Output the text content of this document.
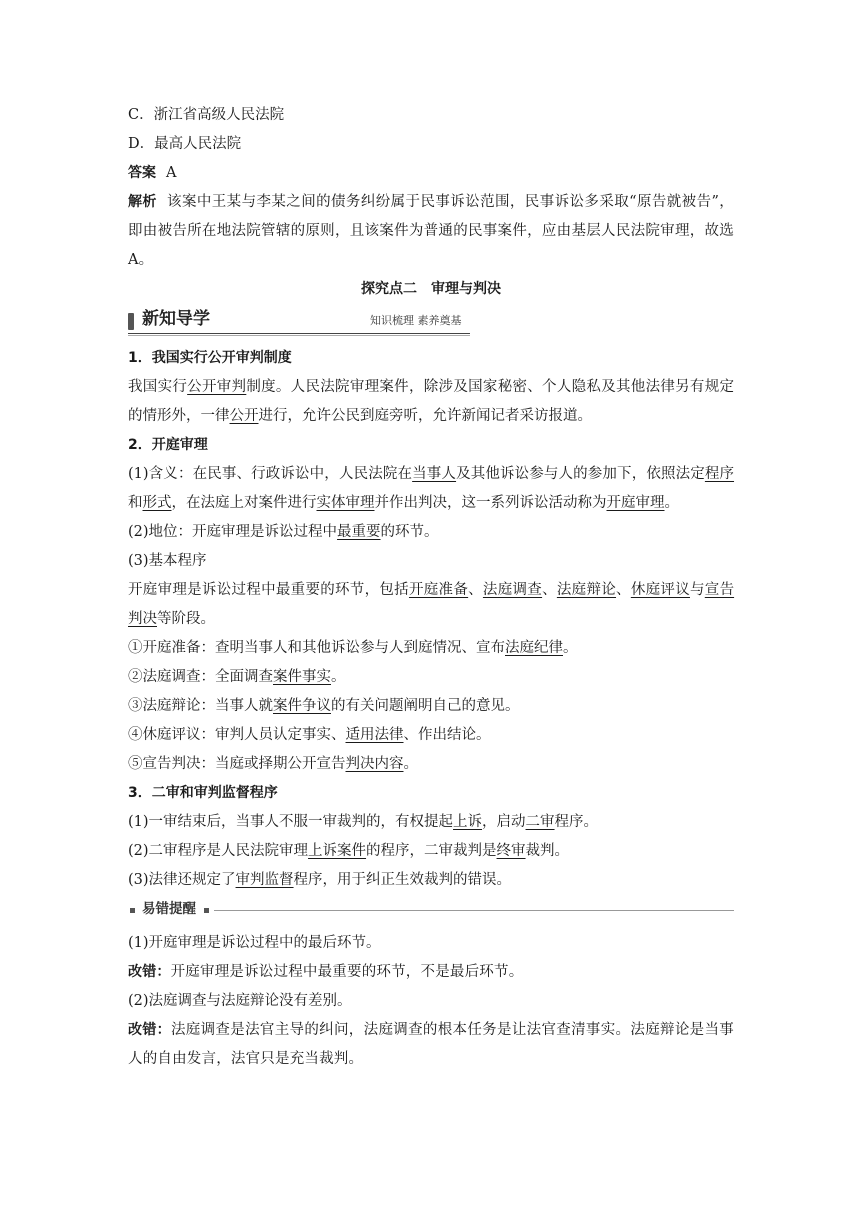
C．浙江省高级人民法院

D．最高人民法院

答案 A

解析 该案中王某与李某之间的债务纠纷属于民事诉讼范围，民事诉讼多采取“原告就被告”，即由被告所在地法院管辖的原则，且该案件为普通的民事案件，应由基层人民法院审理，故选A。

探究点二　审理与判决

新知导学	知识梳理 素养奠基

1．我国实行公开审判制度

我国实行公开审判制度。人民法院审理案件，除涉及国家秘密、个人隐私及其他法律另有规定的情形外，一律公开进行，允许公民到庭旁听，允许新闻记者采访报道。

2．开庭审理

(1)含义：在民事、行政诉讼中，人民法院在当事人及其他诉讼参与人的参加下，依照法定程序和形式，在法庭上对案件进行实体审理并作出判决，这一系列诉讼活动称为开庭审理。

(2)地位：开庭审理是诉讼过程中最重要的环节。

(3)基本程序

开庭审理是诉讼过程中最重要的环节，包括开庭准备、法庭调查、法庭辩论、休庭评议与宣告判决等阶段。

①开庭准备：查明当事人和其他诉讼参与人到庭情况、宣布法庭纪律。

②法庭调查：全面调查案件事实。

③法庭辩论：当事人就案件争议的有关问题阐明自己的意见。

④休庭评议：审判人员认定事实、适用法律、作出结论。

⑤宣告判决：当庭或择期公开宣告判决内容。

3．二审和审判监督程序

(1)一审结束后，当事人不服一审裁判的，有权提起上诉，启动二审程序。

(2)二审程序是人民法院审理上诉案件的程序，二审裁判是终审裁判。

(3)法律还规定了审判监督程序，用于纠正生效裁判的错误。

易错提醒

(1)开庭审理是诉讼过程中的最后环节。

改错：开庭审理是诉讼过程中最重要的环节，不是最后环节。

(2)法庭调查与法庭辩论没有差别。

改错：法庭调查是法官主导的纠问，法庭调查的根本任务是让法官查清事实。法庭辩论是当事人的自由发言，法官只是充当裁判。
